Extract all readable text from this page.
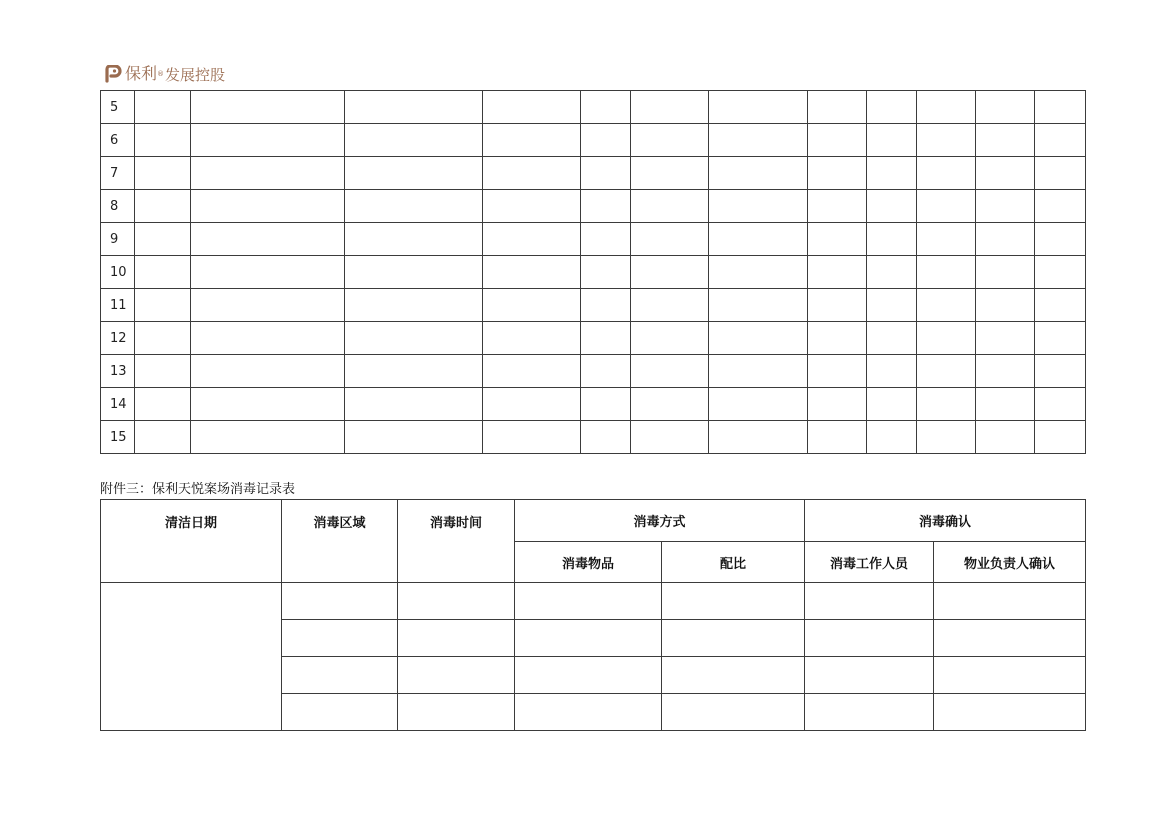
保利 ® 发展控股
5												
6												
7												
8												
9												
10												
11												
12												
13												
14												
15												
附件三：保利天悦案场消毒记录表
清洁日期	消毒区域	消毒时间	消毒方式		消毒确认	
			消毒物品	配比	消毒工作人员	物业负责人确认
